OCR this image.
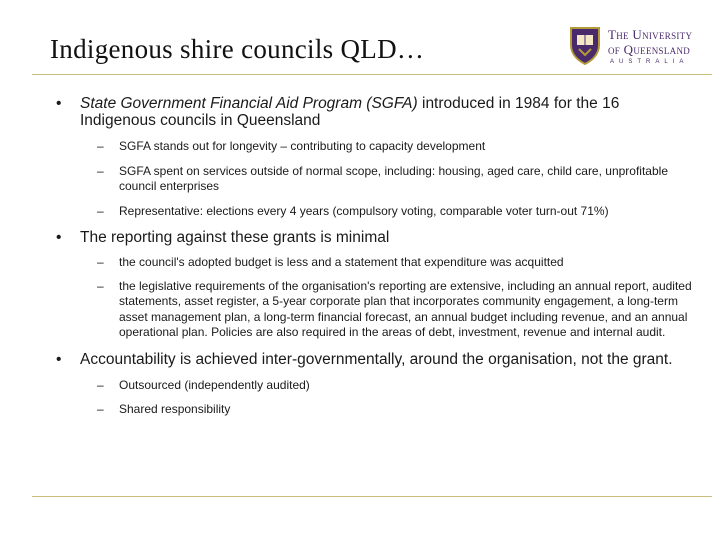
Indigenous shire councils QLD…	The University
of Queensland
AUSTRALIA
• State Government Financial Aid Program (SGFA) introduced in 1984 for the 16 Indigenous councils in Queensland
– SGFA stands out for longevity – contributing to capacity development
– SGFA spent on services outside of normal scope, including: housing, aged care, child care, unprofitable council enterprises
– Representative: elections every 4 years (compulsory voting, comparable voter turn-out 71%)
• The reporting against these grants is minimal
– the council's adopted budget is less and a statement that expenditure was acquitted
– the legislative requirements of the organisation's reporting are extensive, including an annual report, audited statements, asset register, a 5-year corporate plan that incorporates community engagement, a long-term asset management plan, a long-term financial forecast, an annual budget including revenue, and an annual operational plan. Policies are also required in the areas of debt, investment, revenue and internal audit.
• Accountability is achieved inter-governmentally, around the organisation, not the grant.
– Outsourced (independently audited)
– Shared responsibility
